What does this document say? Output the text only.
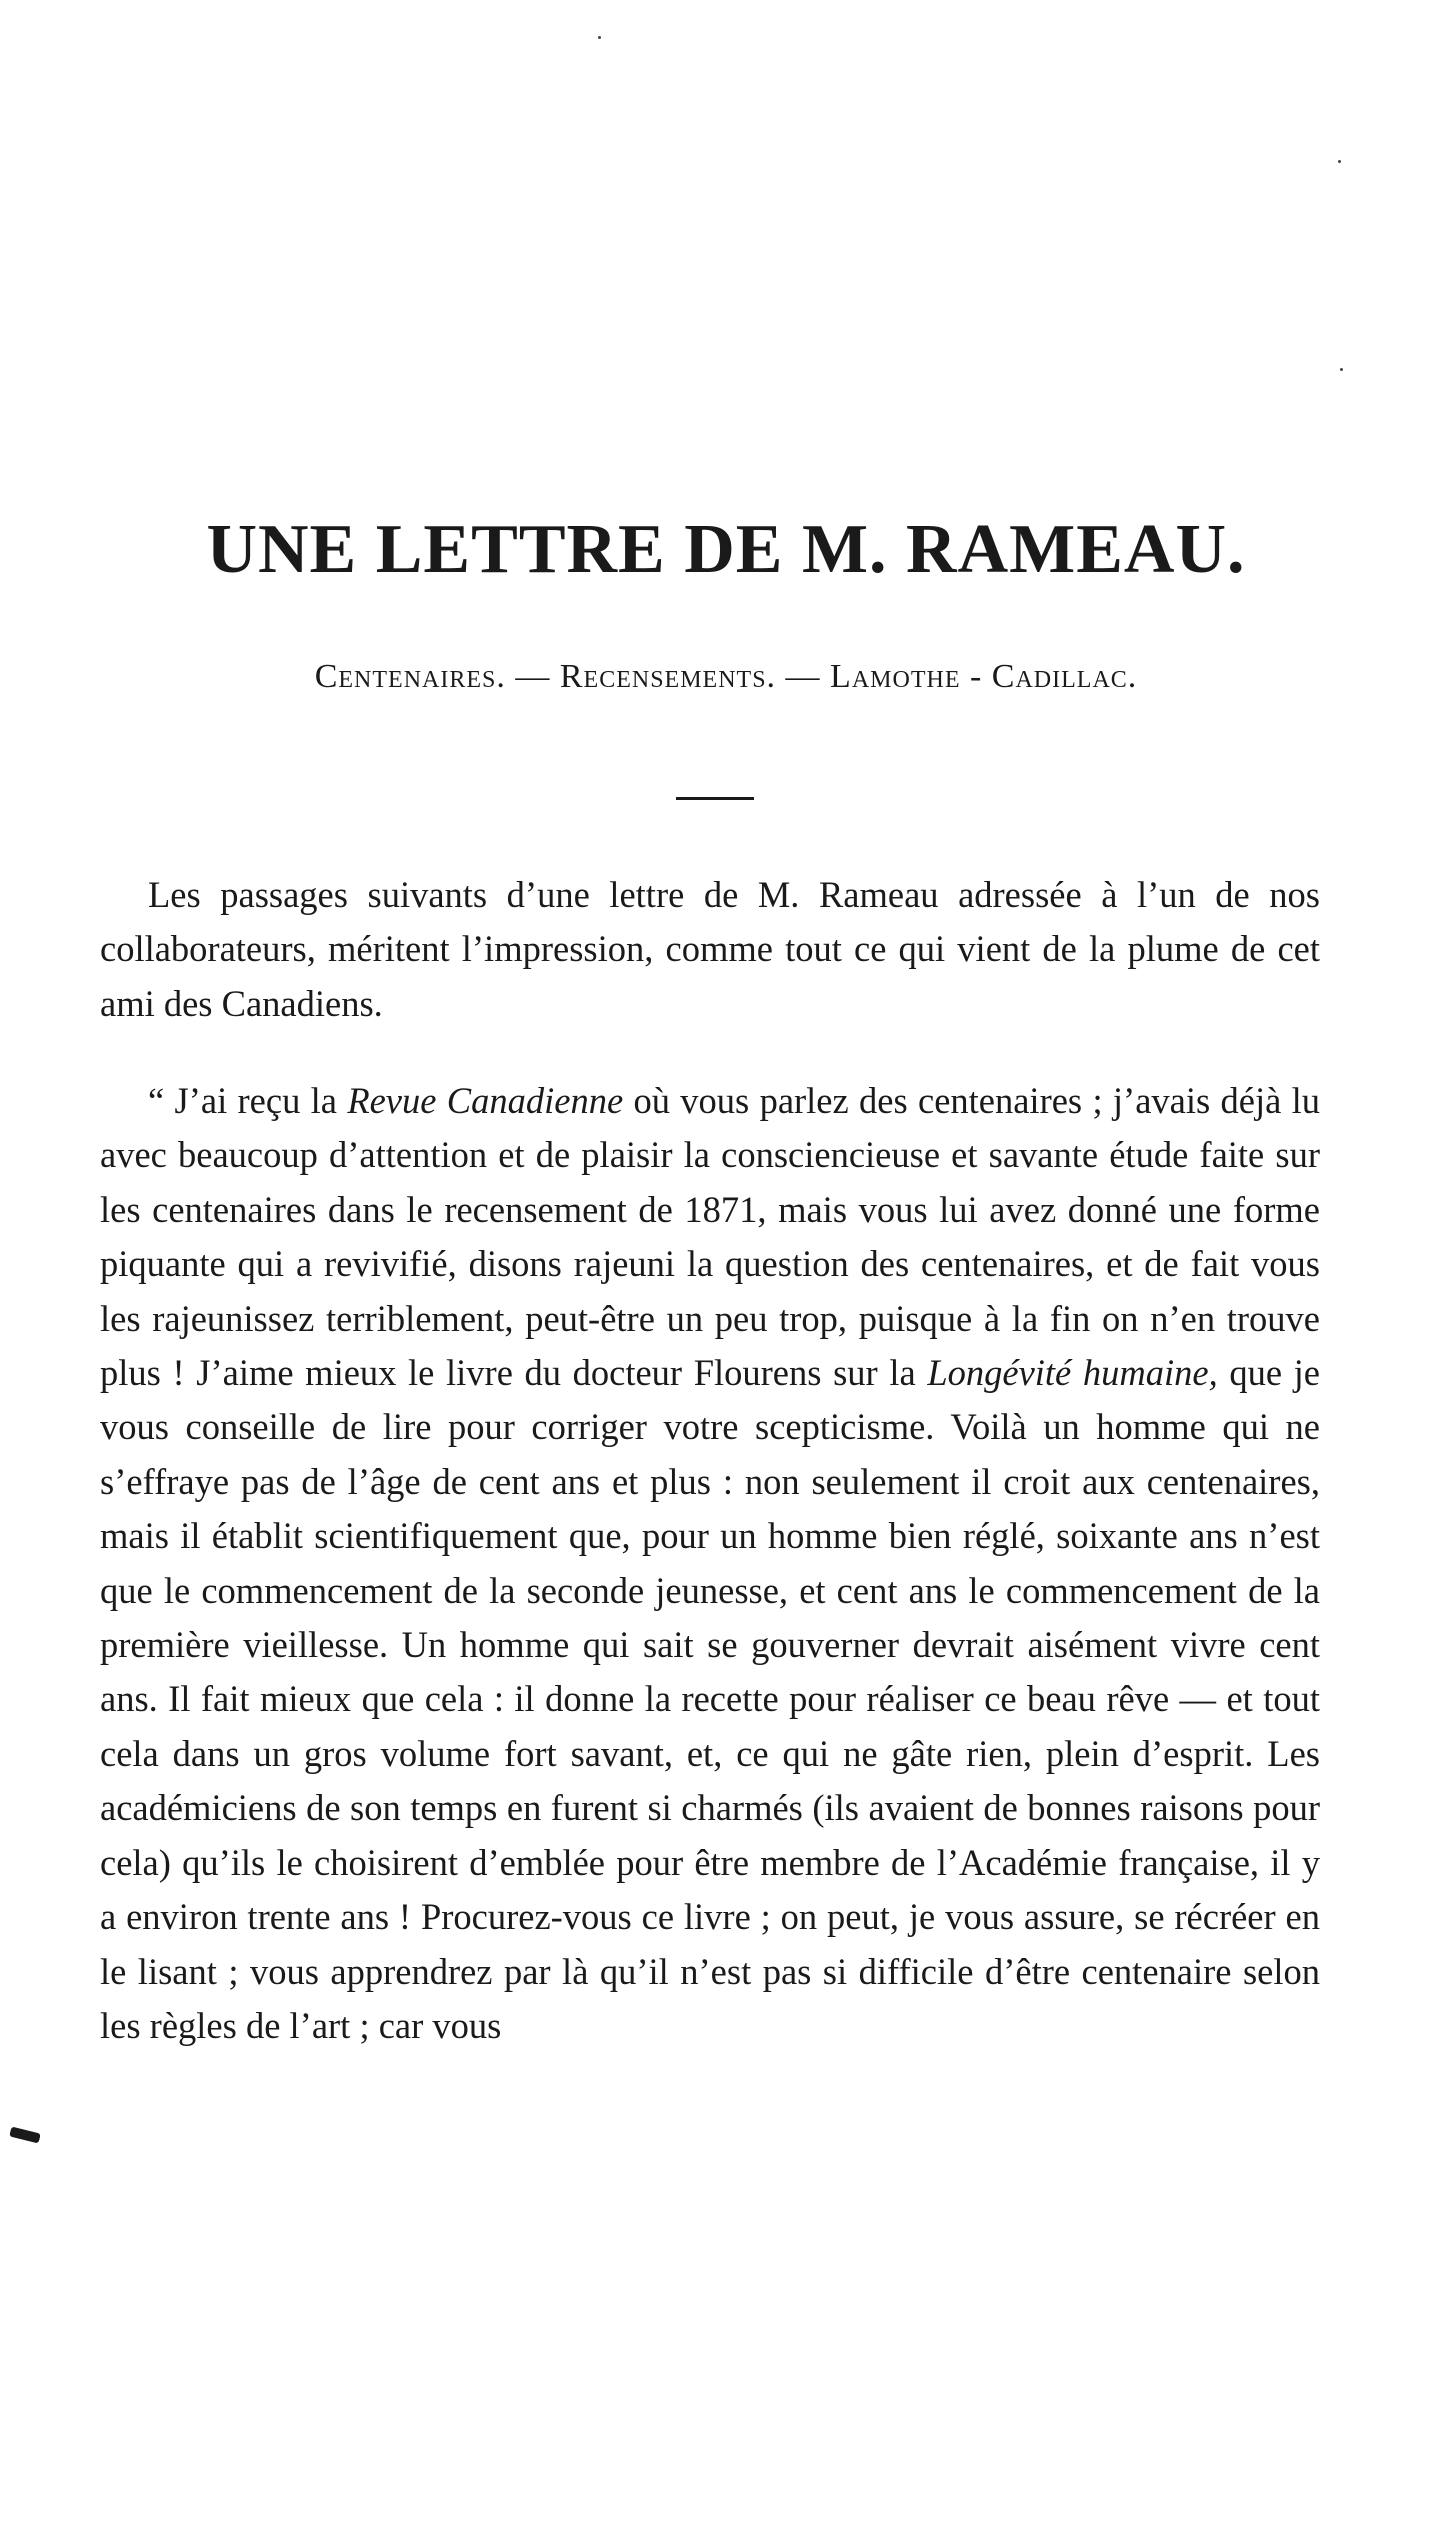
UNE LETTRE DE M. RAMEAU.
Centenaires. — Recensements. — Lamothe - Cadillac.

Les passages suivants d’une lettre de M. Rameau adressée à l’un de nos collaborateurs, méritent l’impression, comme tout ce qui vient de la plume de cet ami des Canadiens.

“ J’ai reçu la Revue Canadienne où vous parlez des centenaires ; j’avais déjà lu avec beaucoup d’attention et de plaisir la consciencieuse et savante étude faite sur les centenaires dans le recensement de 1871, mais vous lui avez donné une forme piquante qui a revivifié, disons rajeuni la question des centenaires, et de fait vous les rajeunissez terriblement, peut-être un peu trop, puisque à la fin on n’en trouve plus ! J’aime mieux le livre du docteur Flourens sur la Longévité humaine, que je vous conseille de lire pour corriger votre scepticisme. Voilà un homme qui ne s’effraye pas de l’âge de cent ans et plus : non seulement il croit aux centenaires, mais il établit scientifiquement que, pour un homme bien réglé, soixante ans n’est que le commencement de la seconde jeunesse, et cent ans le commencement de la première vieillesse. Un homme qui sait se gouverner devrait aisément vivre cent ans. Il fait mieux que cela : il donne la recette pour réaliser ce beau rêve — et tout cela dans un gros volume fort savant, et, ce qui ne gâte rien, plein d’esprit. Les académiciens de son temps en furent si charmés (ils avaient de bonnes raisons pour cela) qu’ils le choisirent d’emblée pour être membre de l’Académie française, il y a environ trente ans ! Procurez-vous ce livre ; on peut, je vous assure, se récréer en le lisant ; vous apprendrez par là qu’il n’est pas si difficile d’être centenaire selon les règles de l’art ; car vous
